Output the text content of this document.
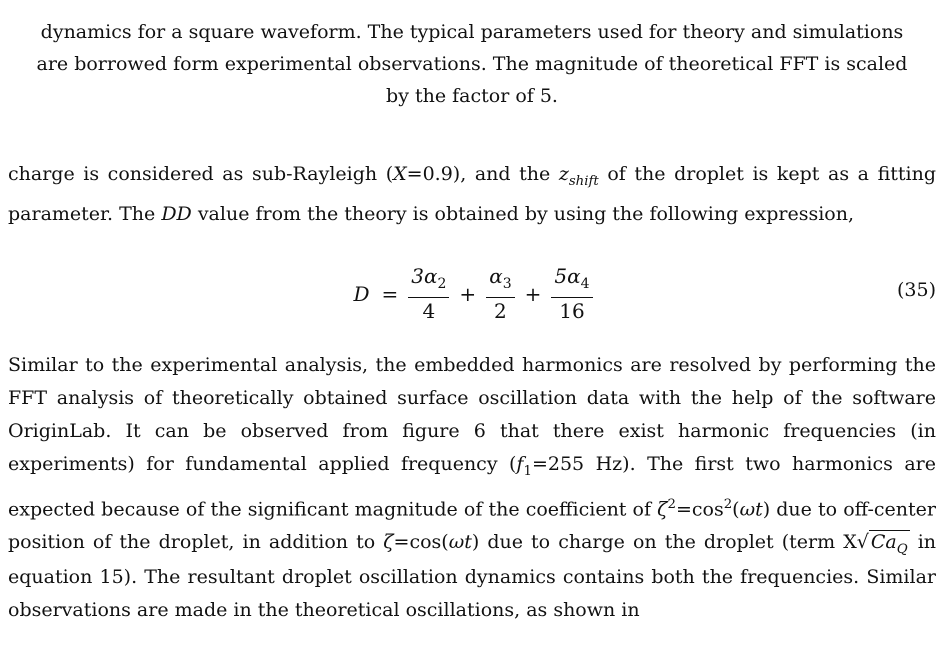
dynamics for a square waveform. The typical parameters used for theory and simulations
are borrowed form experimental observations. The magnitude of theoretical FFT is scaled
by the factor of 5.
charge is considered as sub-Rayleigh (X=0.9), and the $z_{shift}$ of the droplet is kept as a fitting parameter. The DD value from the theory is obtained by using the following expression,
$D = \frac{3\alpha_2}{4} + \frac{\alpha_3}{2} + \frac{5\alpha_4}{16}$	(35)
Similar to the experimental analysis, the embedded harmonics are resolved by performing the FFT analysis of theoretically obtained surface oscillation data with the help of the software OriginLab. It can be observed from figure 6 that there exist harmonic frequencies (in experiments) for fundamental applied frequency ($f_1=255$ Hz). The first two harmonics are expected because of the significant magnitude of the coefficient of $\zeta^2=\cos^2(\omega t)$ due to off-center position of the droplet, in addition to ζ=cos(ωt) due to charge on the droplet (term X√ $Ca_Q$ in equation 15). The resultant droplet oscillation dynamics contains both the frequencies. Similar observations are made in the theoretical oscillations, as shown in
